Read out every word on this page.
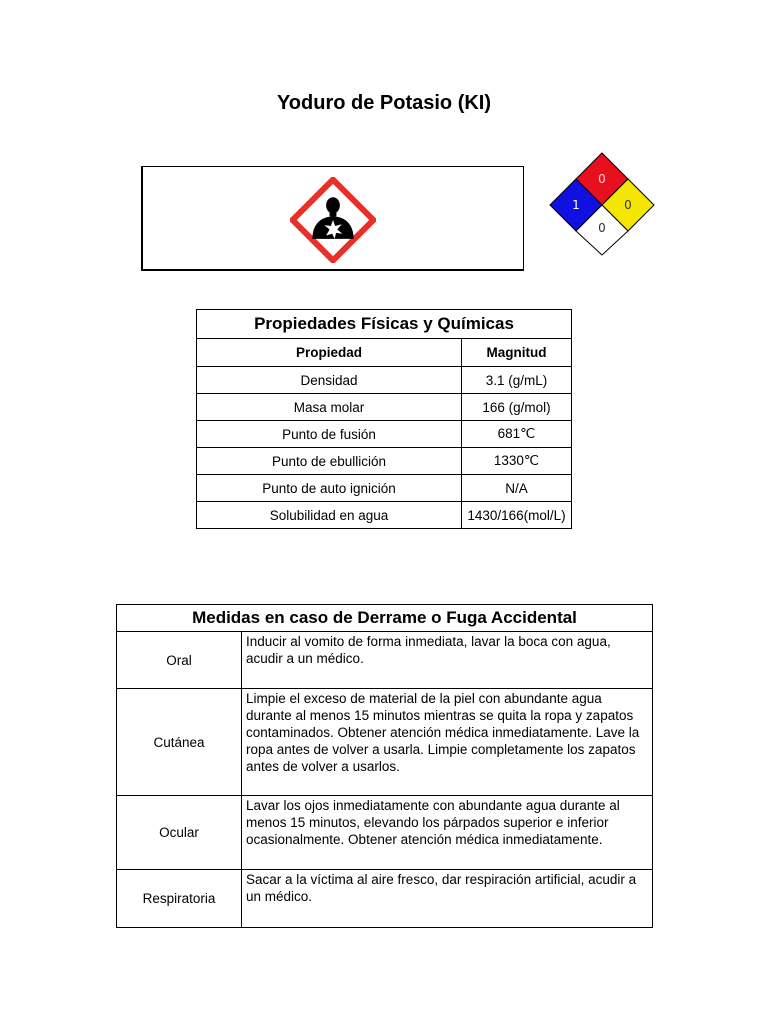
Yoduro de Potasio (KI)
0
1	0
0
Propiedades Físicas y Químicas	
Propiedad	Magnitud
Densidad	3.1 (g/mL)
Masa molar	166 (g/mol)
Punto de fusión	681℃
Punto de ebullición	1330℃
Punto de auto ignición	N/A
Solubilidad en agua	1430/166(mol/L)
Medidas en caso de Derrame o Fuga Accidental	
Oral	Inducir al vomito de forma inmediata, lavar la boca con agua, acudir a un médico.
Cutánea	Limpie el exceso de material de la piel con abundante agua durante al menos 15 minutos mientras se quita la ropa y zapatos contaminados. Obtener atención médica inmediatamente. Lave la ropa antes de volver a usarla. Limpie completamente los zapatos antes de volver a usarlos.
Ocular	Lavar los ojos inmediatamente con abundante agua durante al menos 15 minutos, elevando los párpados superior e inferior ocasionalmente. Obtener atención médica inmediatamente.
Respiratoria	Sacar a la víctima al aire fresco, dar respiración artificial, acudir a un médico.
